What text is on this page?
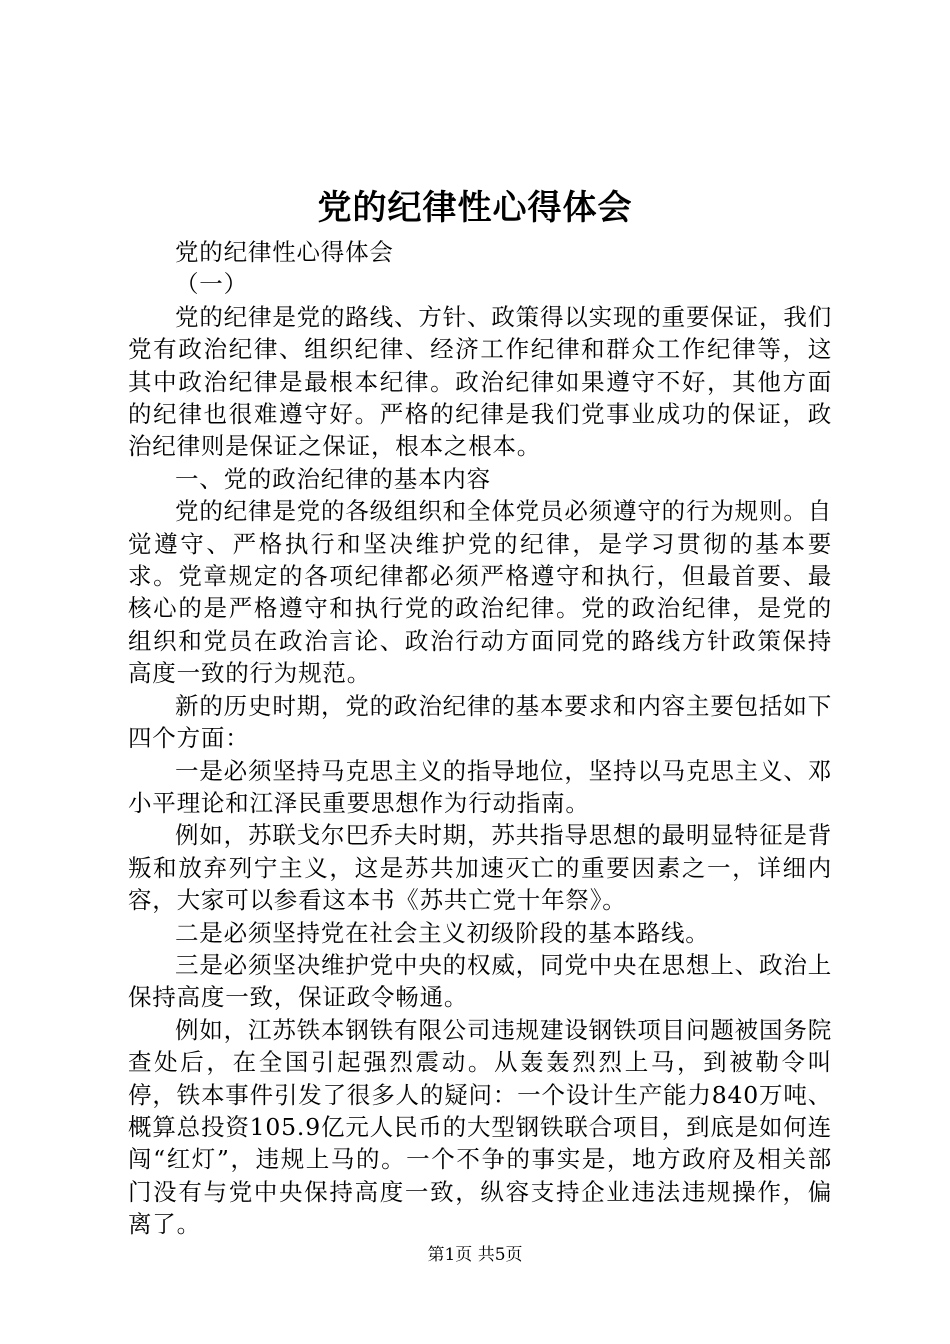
党的纪律性心得体会

党的纪律性心得体会

（一）

党的纪律是党的路线、方针、政策得以实现的重要保证，我们党有政治纪律、组织纪律、经济工作纪律和群众工作纪律等，这其中政治纪律是最根本纪律。政治纪律如果遵守不好，其他方面的纪律也很难遵守好。严格的纪律是我们党事业成功的保证，政治纪律则是保证之保证，根本之根本。

一、党的政治纪律的基本内容

党的纪律是党的各级组织和全体党员必须遵守的行为规则。自觉遵守、严格执行和坚决维护党的纪律，是学习贯彻的基本要求。党章规定的各项纪律都必须严格遵守和执行，但最首要、最核心的是严格遵守和执行党的政治纪律。党的政治纪律，是党的组织和党员在政治言论、政治行动方面同党的路线方针政策保持高度一致的行为规范。

新的历史时期，党的政治纪律的基本要求和内容主要包括如下四个方面：

一是必须坚持马克思主义的指导地位，坚持以马克思主义、邓小平理论和江泽民重要思想作为行动指南。

例如，苏联戈尔巴乔夫时期，苏共指导思想的最明显特征是背叛和放弃列宁主义，这是苏共加速灭亡的重要因素之一，详细内容，大家可以参看这本书《苏共亡党十年祭》。

二是必须坚持党在社会主义初级阶段的基本路线。

三是必须坚决维护党中央的权威，同党中央在思想上、政治上保持高度一致，保证政令畅通。

例如，江苏铁本钢铁有限公司违规建设钢铁项目问题被国务院查处后，在全国引起强烈震动。从轰轰烈烈上马，到被勒令叫停，铁本事件引发了很多人的疑问：一个设计生产能力840万吨、概算总投资105.9亿元人民币的大型钢铁联合项目，到底是如何连闯“红灯”，违规上马的。一个不争的事实是，地方政府及相关部门没有与党中央保持高度一致，纵容支持企业违法违规操作，偏离了。

第1页 共5页
